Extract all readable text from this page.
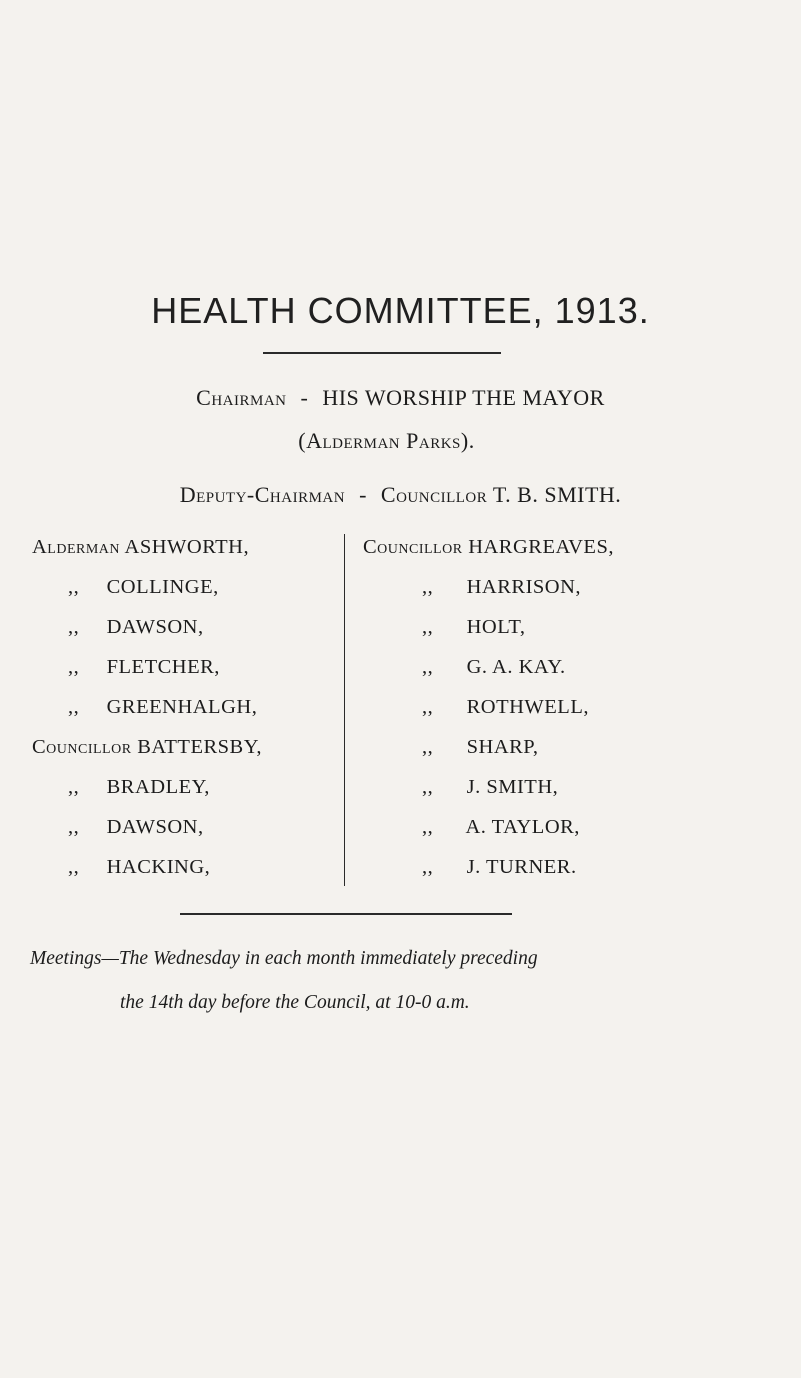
HEALTH COMMITTEE, 1913.
Chairman - HIS WORSHIP THE MAYOR
(Alderman Parks).
Deputy-Chairman - Councillor T. B. SMITH.
Alderman ASHWORTH,
,, COLLINGE,
,, DAWSON,
,, FLETCHER,
,, GREENHALGH,
Councillor BATTERSBY,
,, BRADLEY,
,, DAWSON,
,, HACKING,
Councillor HARGREAVES,
,, HARRISON,
,, HOLT,
,, G. A. KAY.
,, ROTHWELL,
,, SHARP,
,, J. SMITH,
,, A. TAYLOR,
,, J. TURNER.
Meetings—The Wednesday in each month immediately preceding
the 14th day before the Council, at 10-0 a.m.
